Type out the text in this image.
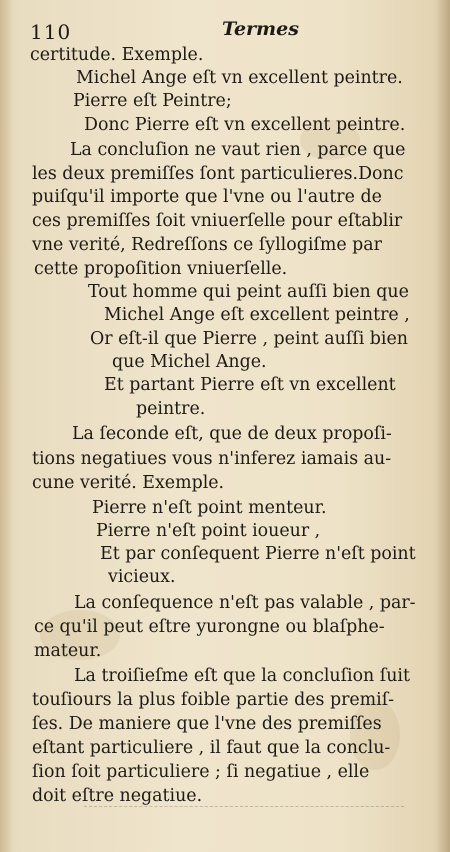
110	Termes
certitude. Exemple.
Michel Ange eſt vn excellent peintre.
Pierre eſt Peintre;
Donc Pierre eſt vn excellent peintre.
La concluſion ne vaut rien , parce que
les deux premiſſes ſont particulieres.Donc
puiſqu'il importe que l'vne ou l'autre de
ces premiſſes ſoit vniuerſelle pour eſtablir
vne verité, Redreſſons ce ſyllogiſme par
cette propoſition vniuerſelle.
Tout homme qui peint auſſi bien que
Michel Ange eſt excellent peintre ,
Or eſt-il que Pierre , peint auſſi bien
que Michel Ange.
Et partant Pierre eſt vn excellent
peintre.
La ſeconde eſt, que de deux propoſi-
tions negatiues vous n'inferez iamais au-
cune verité. Exemple.
Pierre n'eſt point menteur.
Pierre n'eſt point ioueur ,
Et par conſequent Pierre n'eſt point
vicieux.
La conſequence n'eſt pas valable , par-
ce qu'il peut eſtre yurongne ou blaſphe-
mateur.
La troiſieſme eſt que la concluſion ſuit
touſiours la plus foible partie des premiſ-
ſes. De maniere que l'vne des premiſſes
eſtant particuliere , il faut que la conclu-
ſion ſoit particuliere ; ſi negatiue , elle
doit eſtre negatiue.
